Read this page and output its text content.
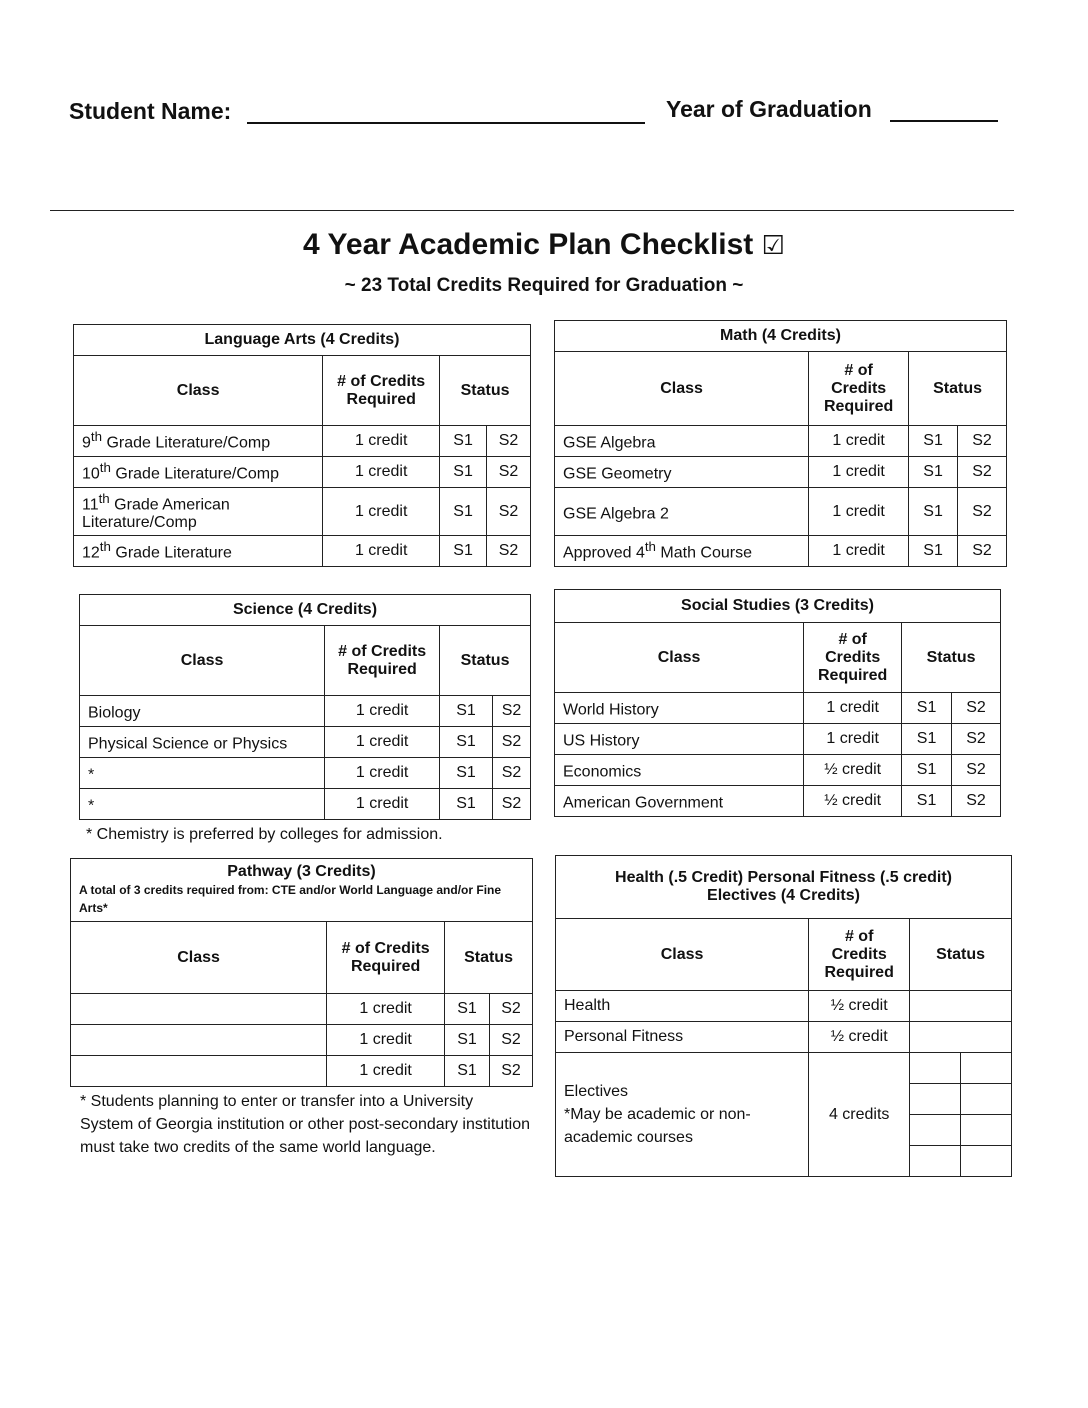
Student Name:	Year of Graduation
4 Year Academic Plan Checklist ☑
~ 23 Total Credits Required for Graduation ~
Language Arts (4 Credits)			
Class	# of Credits Required	Status	
9th Grade Literature/Comp	1 credit	S1	S2
10th Grade Literature/Comp	1 credit	S1	S2
11th Grade American Literature/Comp	1 credit	S1	S2
12th Grade Literature	1 credit	S1	S2
Math (4 Credits)			
Class	# of Credits Required	Status	
GSE Algebra	1 credit	S1	S2
GSE Geometry	1 credit	S1	S2
GSE Algebra 2	1 credit	S1	S2
Approved 4th Math Course	1 credit	S1	S2
Science (4 Credits)			
Class	# of Credits Required	Status	
Biology	1 credit	S1	S2
Physical Science or Physics	1 credit	S1	S2
*	1 credit	S1	S2
*	1 credit	S1	S2
* Chemistry is preferred by colleges for admission.
Social Studies (3 Credits)			
Class	# of Credits Required	Status	
World History	1 credit	S1	S2
US History	1 credit	S1	S2
Economics	½ credit	S1	S2
American Government	½ credit	S1	S2
Pathway (3 Credits)
A total of 3 credits required from: CTE and/or World Language and/or Fine Arts*			

Class	# of Credits Required	Status	
	1 credit	S1	S2
	1 credit	S1	S2
	1 credit	S1	S2
* Students planning to enter or transfer into a University System of Georgia institution or other post-secondary institution must take two credits of the same world language.
Health (.5 Credit) Personal Fitness (.5 credit)
Electives (4 Credits)			

Class	# of Credits Required	Status	
Health	½ credit		
Personal Fitness	½ credit		

Electives
*May be academic or non-academic courses	4 credits		
